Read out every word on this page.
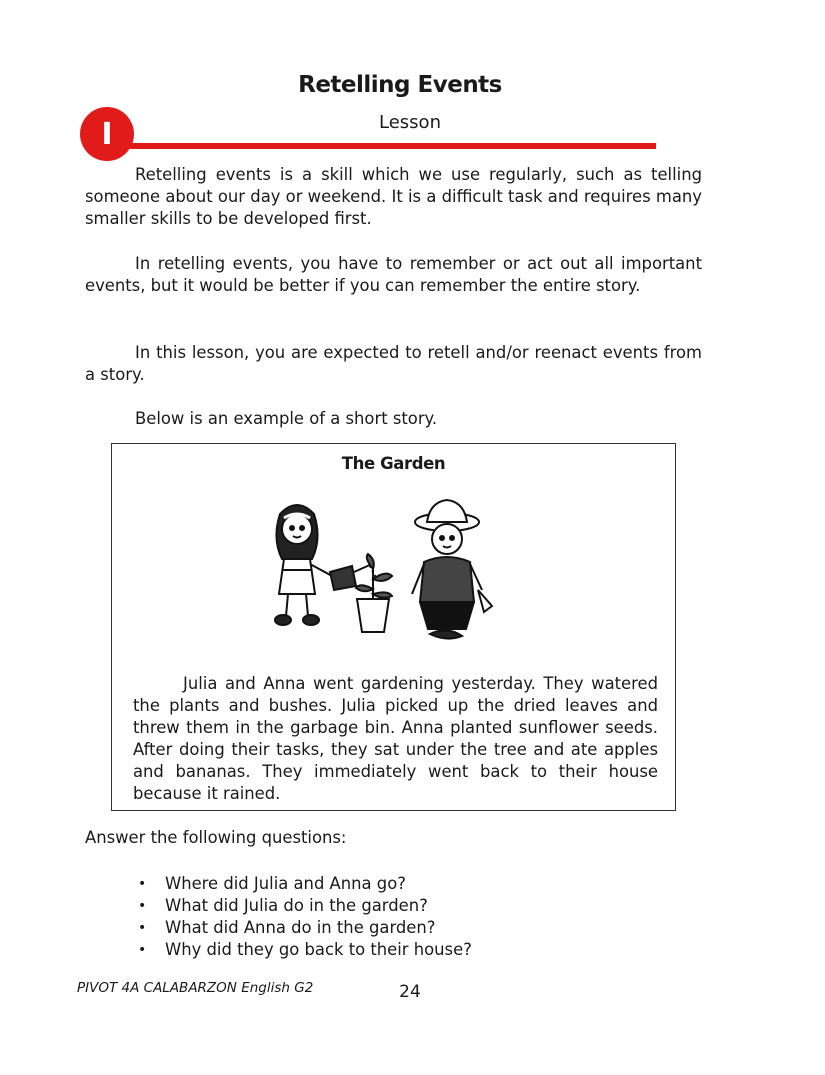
Retelling Events
I	Lesson
Retelling events is a skill which we use regularly, such as telling someone about our day or weekend. It is a difficult task and requires many smaller skills to be developed first.
In retelling events, you have to remember or act out all important events, but it would be better if you can remember the entire story.
In this lesson, you are expected to retell and/or reenact events from a story.
Below is an example of a short story.
The Garden
Julia and Anna went gardening yesterday. They watered the plants and bushes. Julia picked up the dried leaves and threw them in the garbage bin. Anna planted sunflower seeds. After doing their tasks, they sat under the tree and ate apples and bananas. They immediately went back to their house because it rained.
Answer the following questions:
• Where did Julia and Anna go?
• What did Julia do in the garden?
• What did Anna do in the garden?
• Why did they go back to their house?
PIVOT 4A CALABARZON English G2	24
